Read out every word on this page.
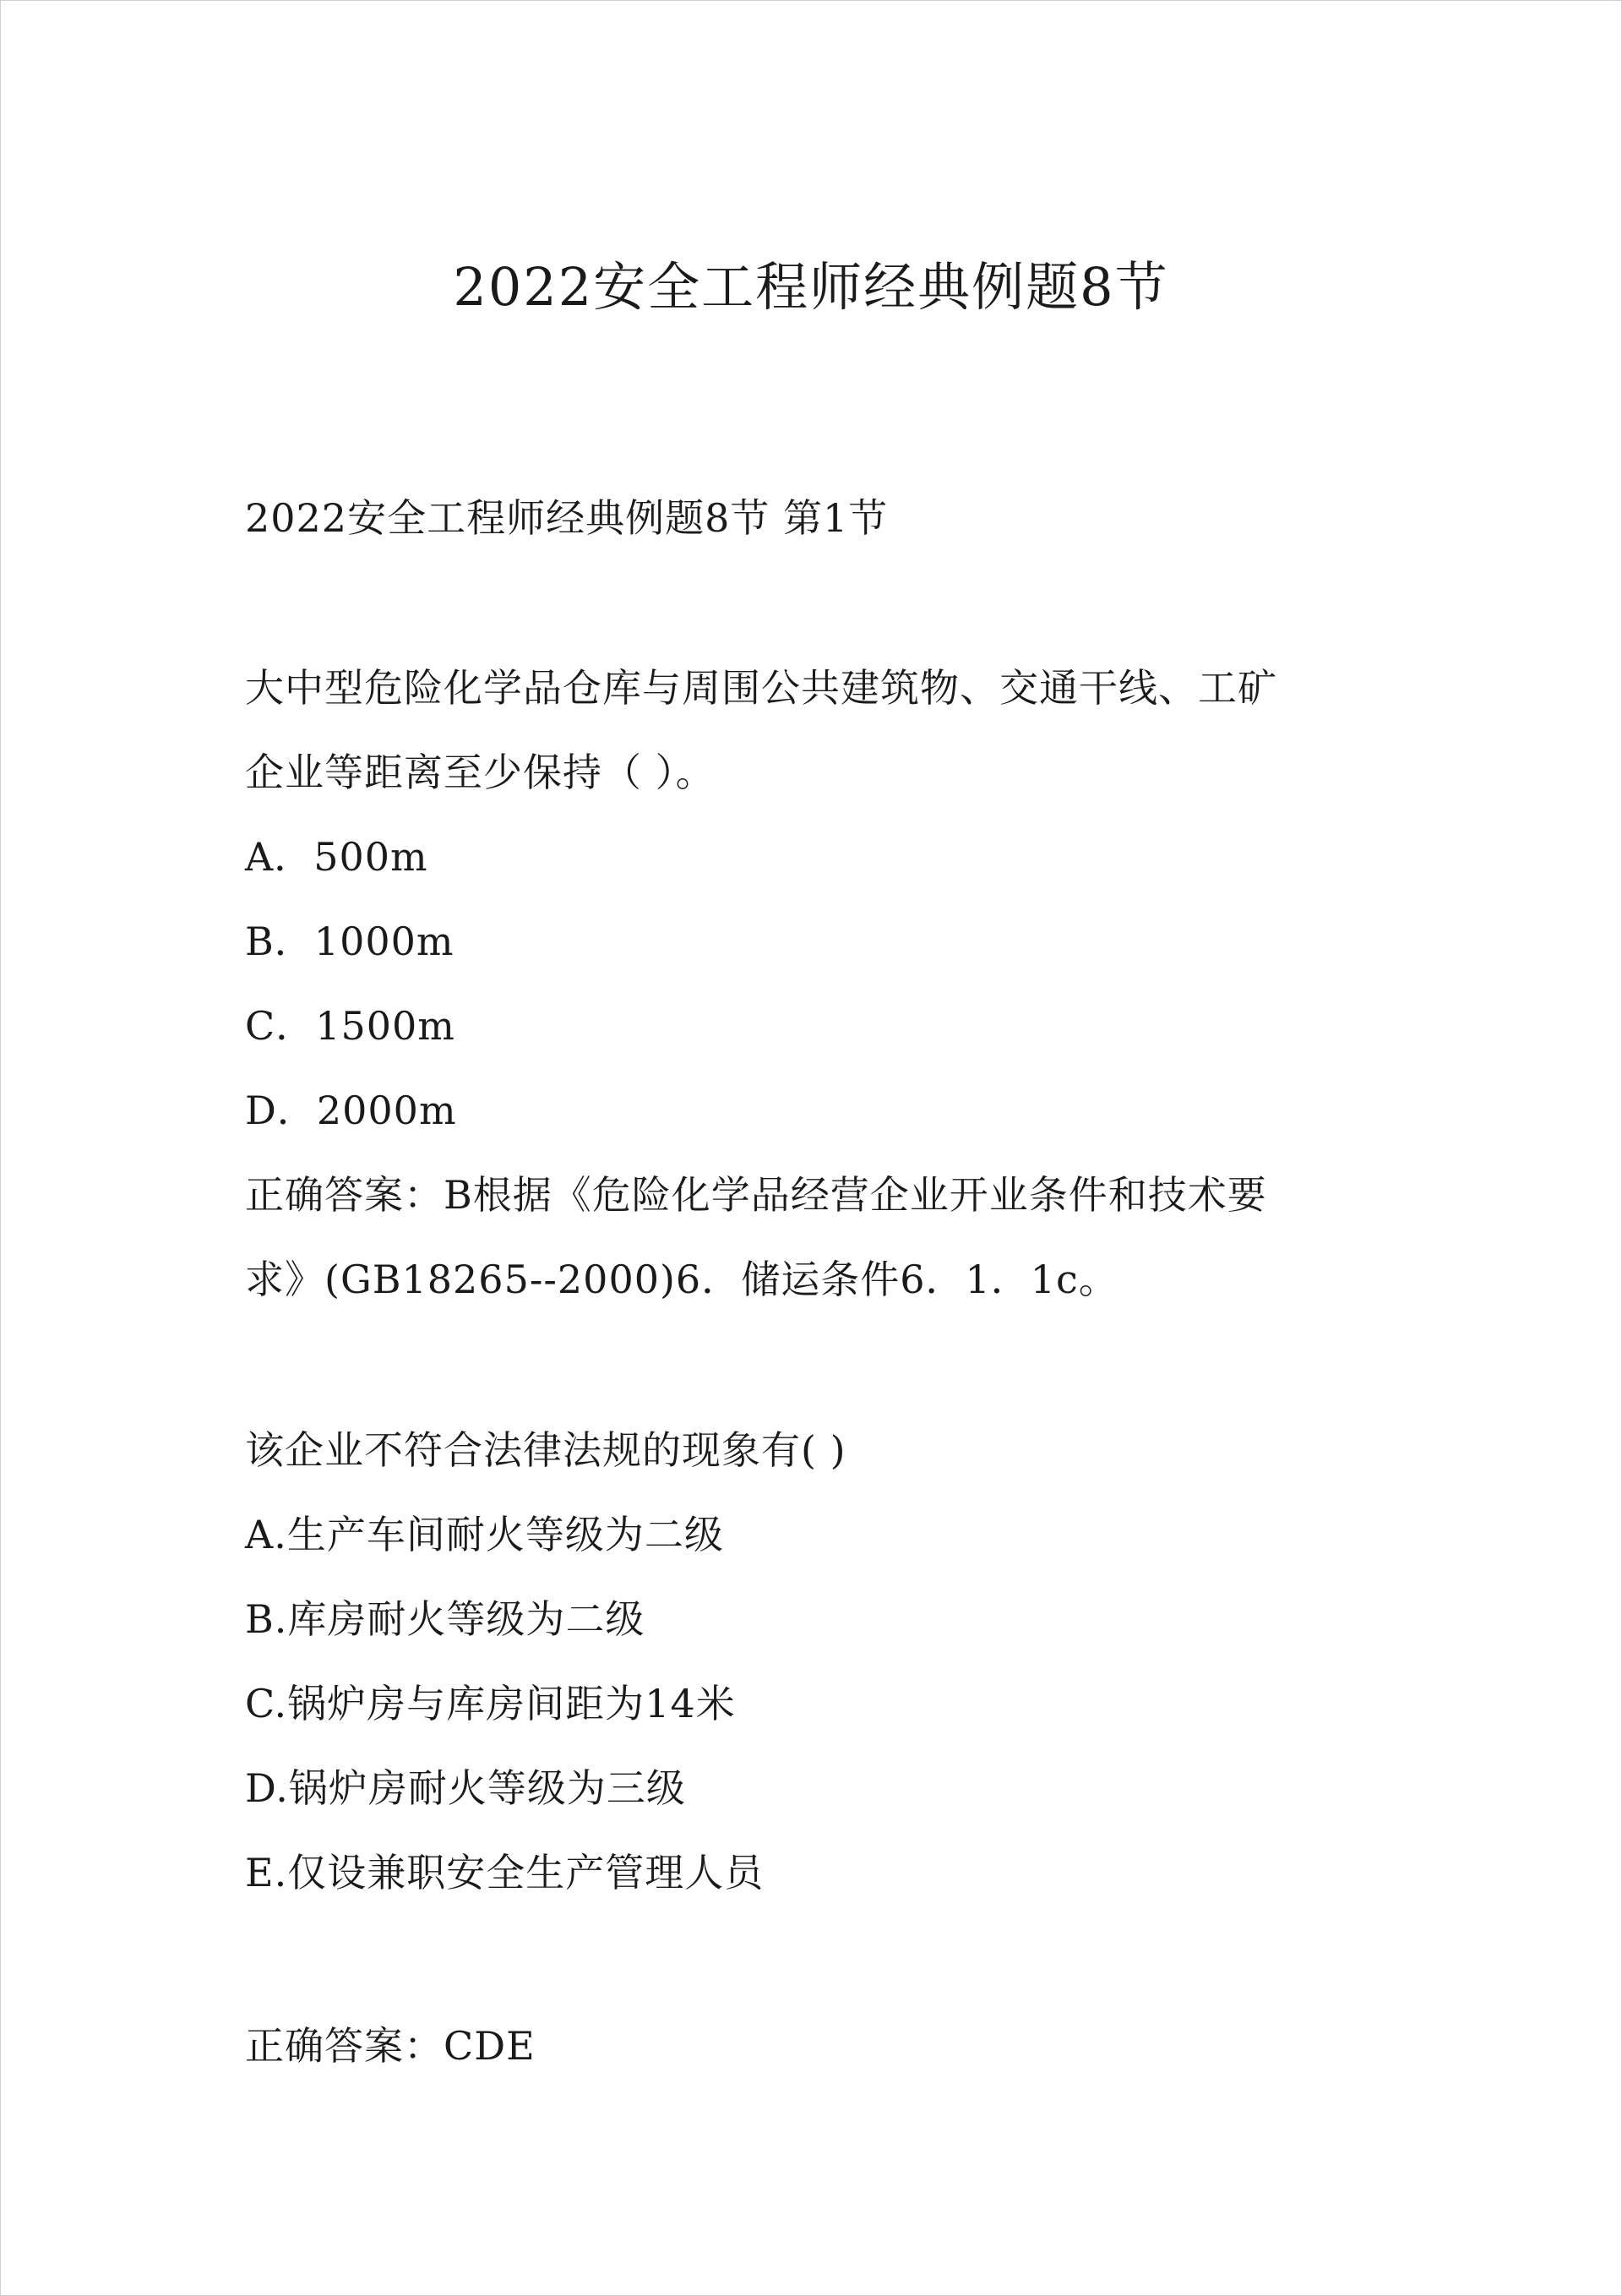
2022安全工程师经典例题8节
2022安全工程师经典例题8节 第1节
大中型危险化学品仓库与周围公共建筑物、交通干线、工矿
企业等距离至少保持（ ）。
A．500m
B．1000m
C．1500m
D．2000m
正确答案：B根据《危险化学品经营企业开业条件和技术要
求》(GB18265--2000)6．储运条件6．1．1c。
该企业不符合法律法规的现象有( )
A.生产车间耐火等级为二级
B.库房耐火等级为二级
C.锅炉房与库房间距为14米
D.锅炉房耐火等级为三级
E.仅设兼职安全生产管理人员
正确答案：CDE
